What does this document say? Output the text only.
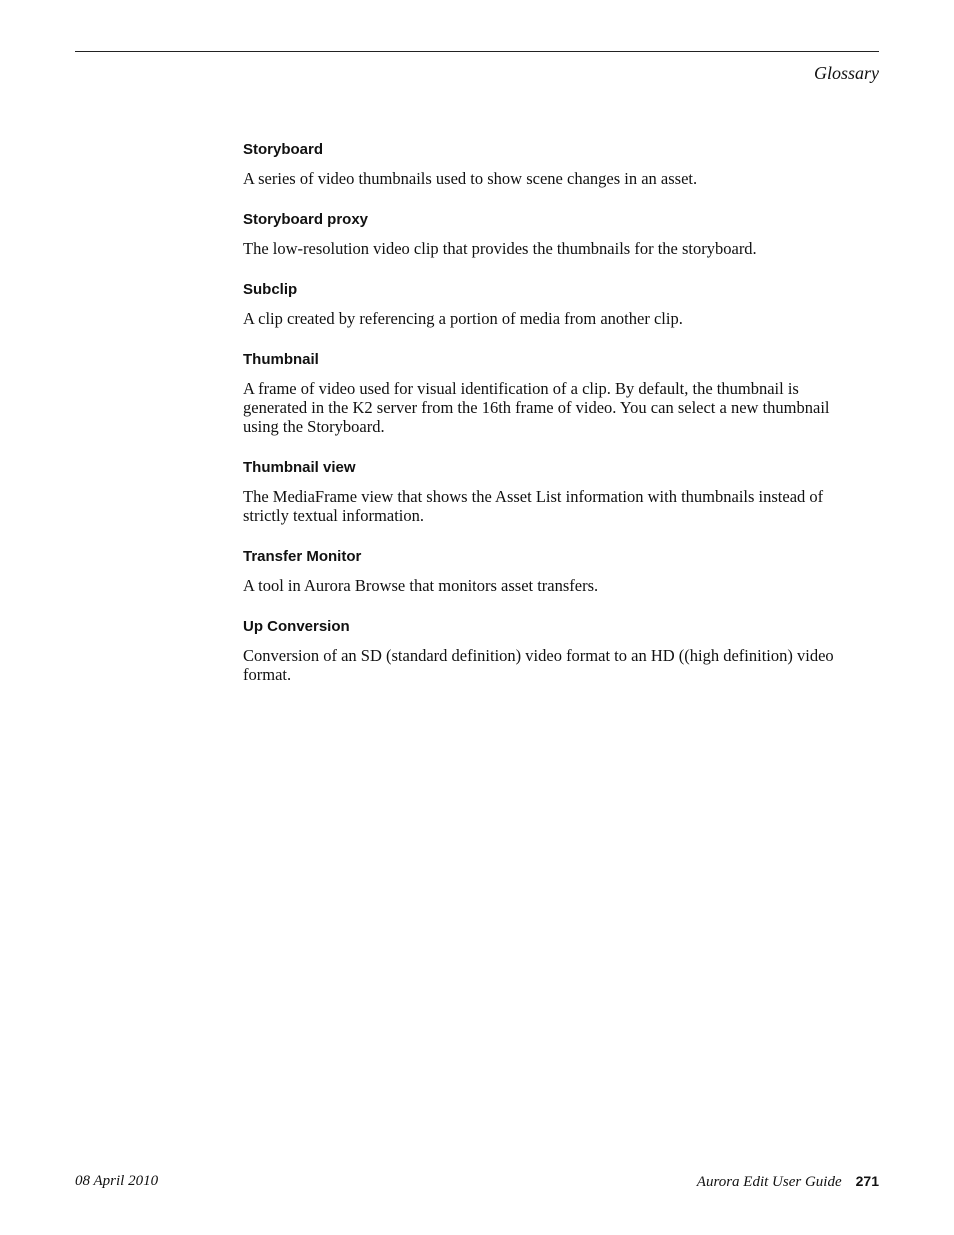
Glossary
Storyboard
A series of video thumbnails used to show scene changes in an asset.
Storyboard proxy
The low-resolution video clip that provides the thumbnails for the storyboard.
Subclip
A clip created by referencing a portion of media from another clip.
Thumbnail
A frame of video used for visual identification of a clip. By default, the thumbnail is generated in the K2 server from the 16th frame of video. You can select a new thumbnail using the Storyboard.
Thumbnail view
The MediaFrame view that shows the Asset List information with thumbnails instead of strictly textual information.
Transfer Monitor
A tool in Aurora Browse that monitors asset transfers.
Up Conversion
Conversion of an SD (standard definition) video format to an HD ((high definition) video format.
08 April 2010	Aurora Edit User Guide 271
